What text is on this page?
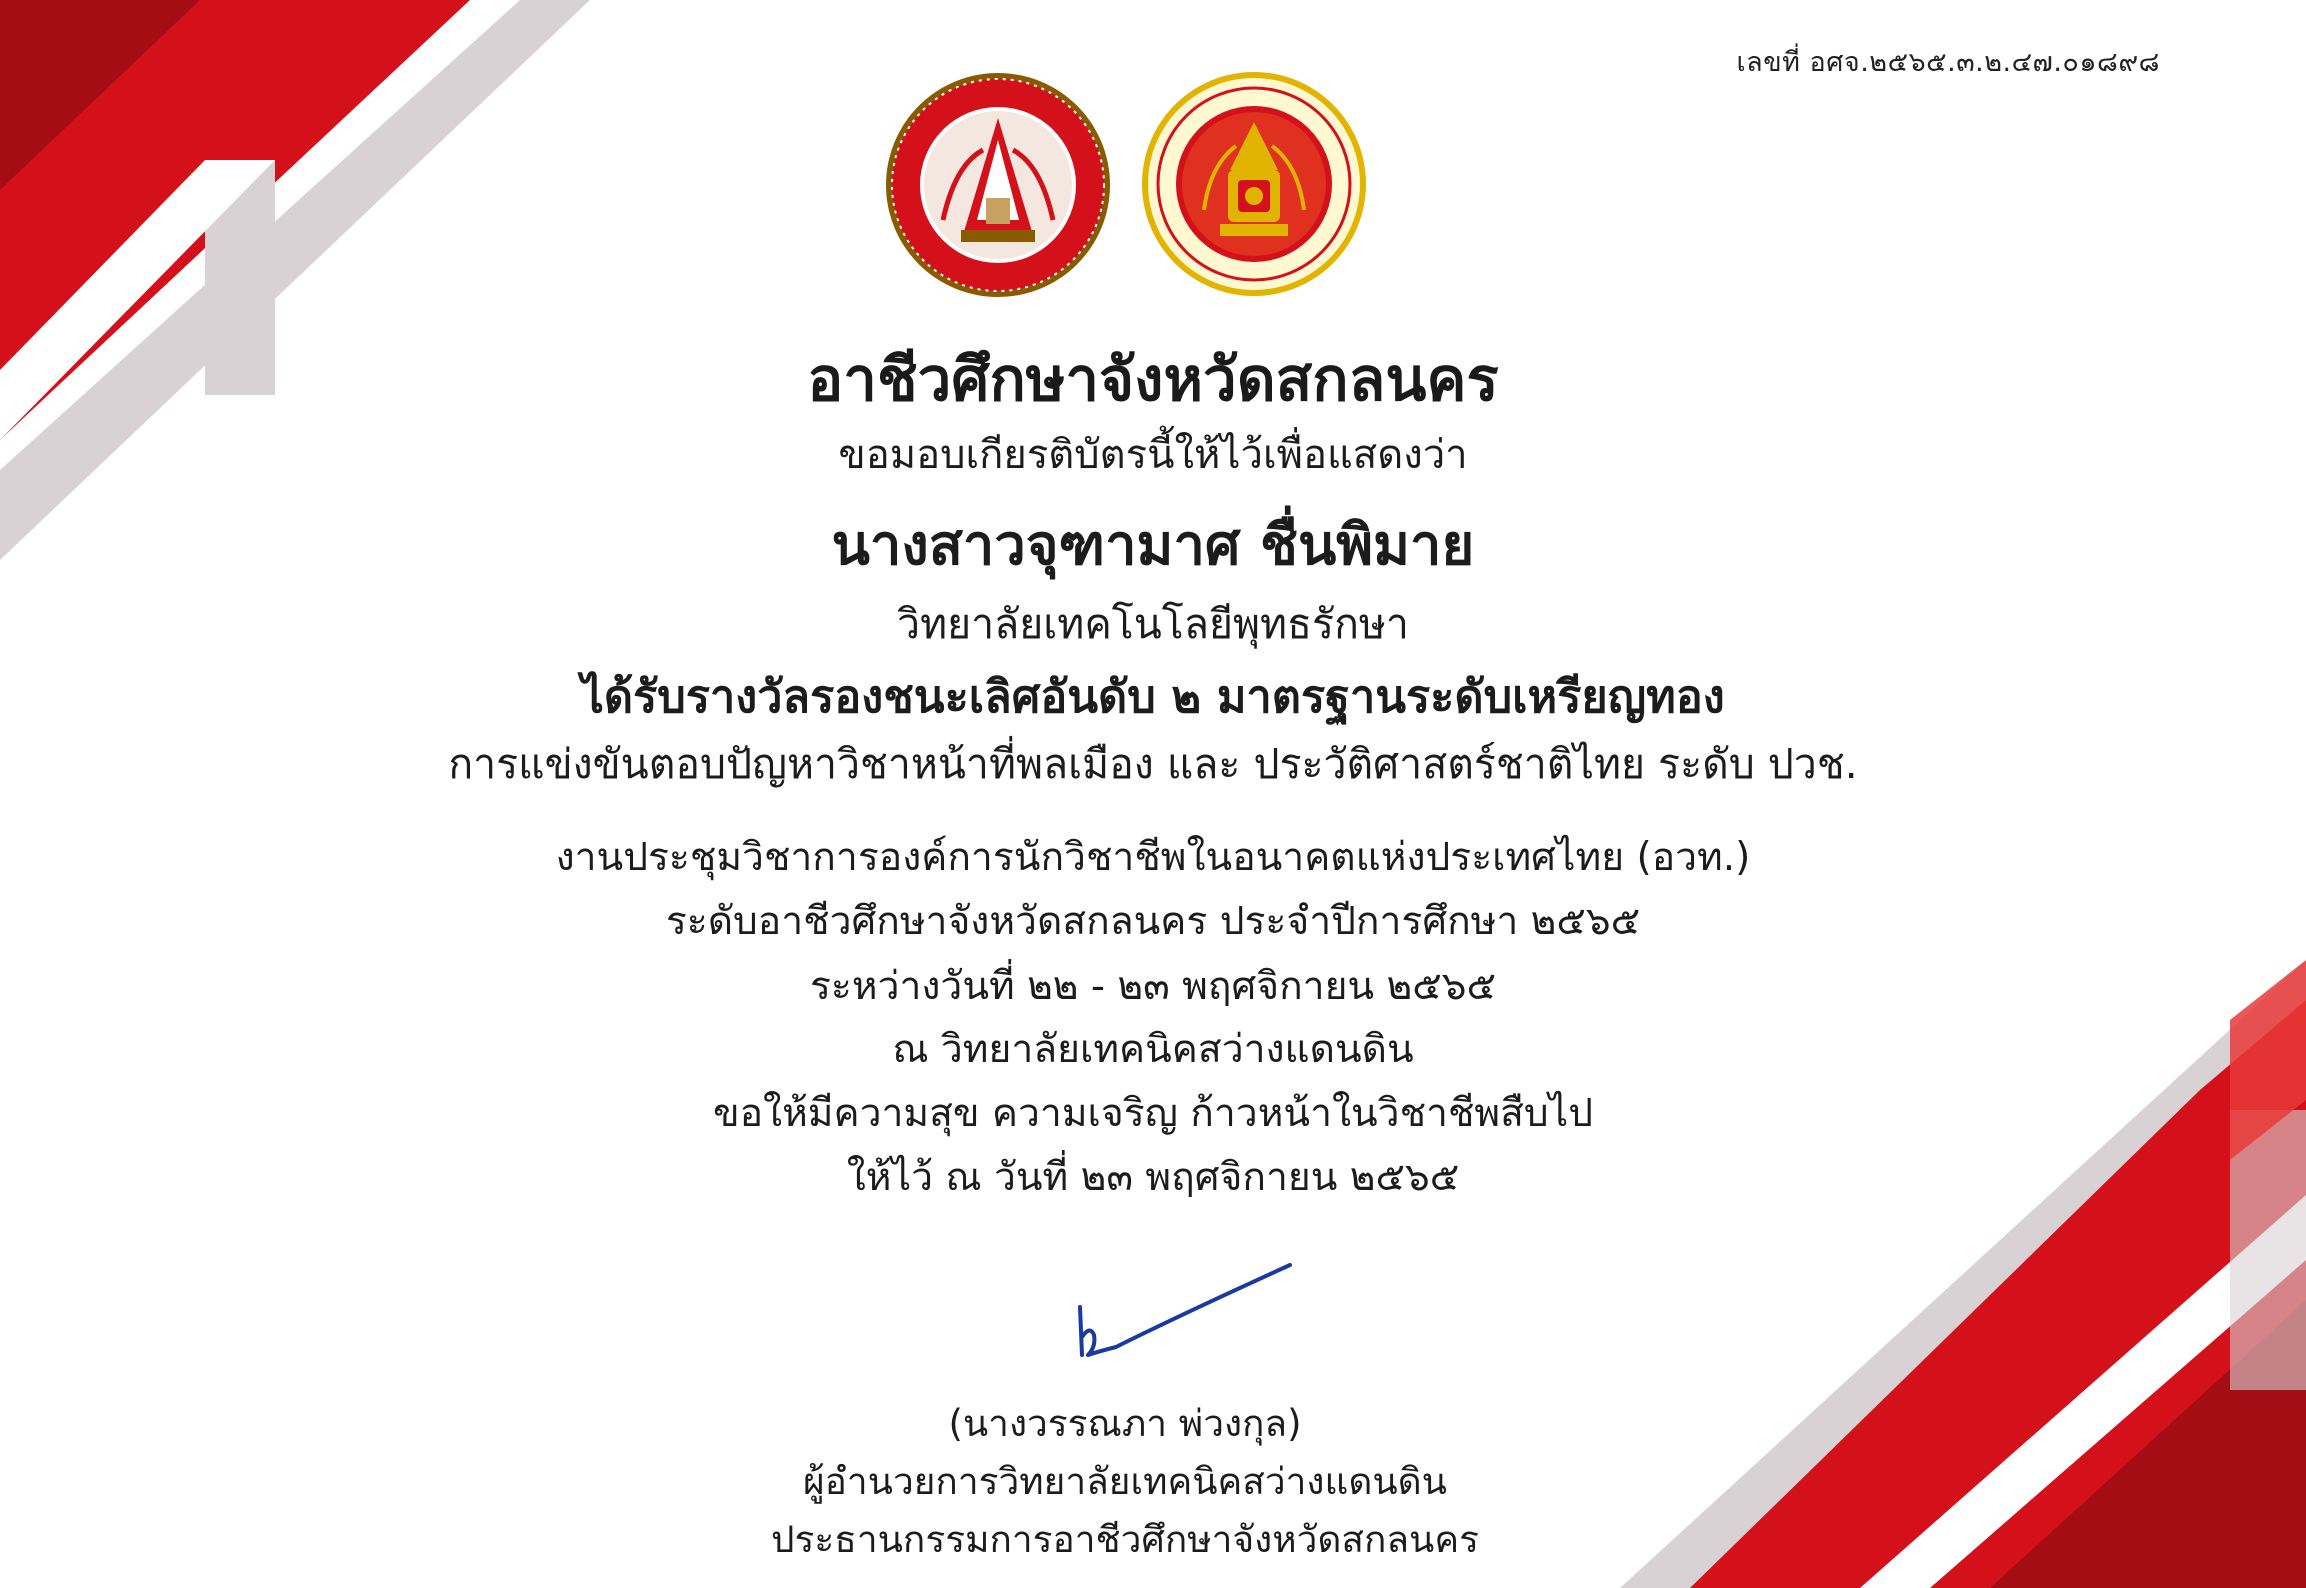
เลขที่ อศจ.๒๕๖๕.๓.๒.๔๗.๐๑๘๙๘
อาชีวศึกษาจังหวัดสกลนคร
ขอมอบเกียรติบัตรนี้ให้ไว้เพื่อแสดงว่า
นางสาวจุฑามาศ ชื่นพิมาย
วิทยาลัยเทคโนโลยีพุทธรักษา
ได้รับรางวัลรองชนะเลิศอันดับ ๒ มาตรฐานระดับเหรียญทอง
การแข่งขันตอบปัญหาวิชาหน้าที่พลเมือง และ ประวัติศาสตร์ชาติไทย ระดับ ปวช.
งานประชุมวิชาการองค์การนักวิชาชีพในอนาคตแห่งประเทศไทย (อวท.)
ระดับอาชีวศึกษาจังหวัดสกลนคร ประจำปีการศึกษา ๒๕๖๕
ระหว่างวันที่ ๒๒ - ๒๓ พฤศจิกายน ๒๕๖๕
ณ วิทยาลัยเทคนิคสว่างแดนดิน
ขอให้มีความสุข ความเจริญ ก้าวหน้าในวิชาชีพสืบไป
ให้ไว้ ณ วันที่ ๒๓ พฤศจิกายน ๒๕๖๕
(นางวรรณภา พ่วงกุล)
ผู้อำนวยการวิทยาลัยเทคนิคสว่างแดนดิน
ประธานกรรมการอาชีวศึกษาจังหวัดสกลนคร
